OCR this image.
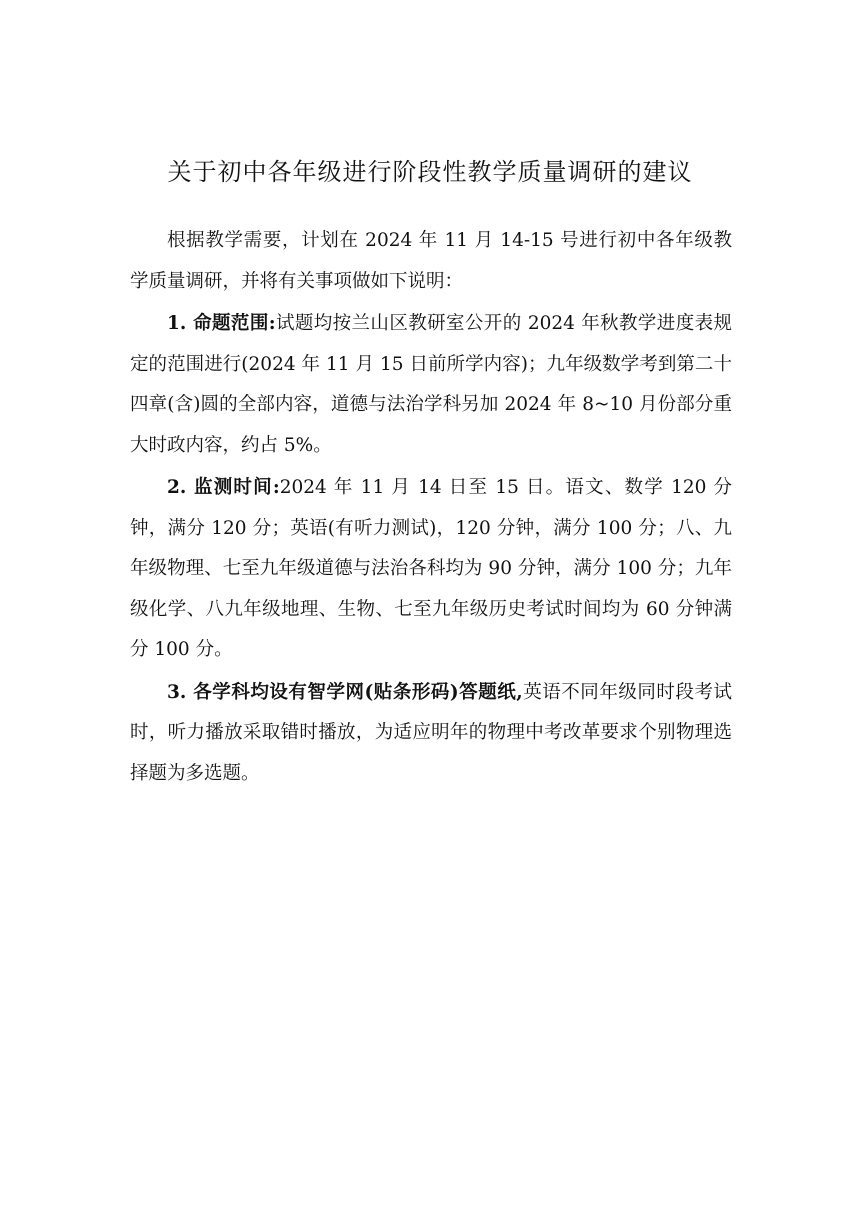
关于初中各年级进行阶段性教学质量调研的建议

根据教学需要，计划在 2024 年 11 月 14-15 号进行初中各年级教学质量调研，并将有关事项做如下说明：

1. 命题范围:试题均按兰山区教研室公开的 2024 年秋教学进度表规定的范围进行(2024 年 11 月 15 日前所学内容)；九年级数学考到第二十四章(含)圆的全部内容，道德与法治学科另加 2024 年 8~10 月份部分重大时政内容，约占 5%。

2. 监测时间:2024 年 11 月 14 日至 15 日。语文、数学 120 分钟，满分 120 分；英语(有听力测试)，120 分钟，满分 100 分；八、九年级物理、七至九年级道德与法治各科均为 90 分钟，满分 100 分；九年级化学、八九年级地理、生物、七至九年级历史考试时间均为 60 分钟满分 100 分。

3. 各学科均设有智学网(贴条形码)答题纸,英语不同年级同时段考试时，听力播放采取错时播放，为适应明年的物理中考改革要求个别物理选择题为多选题。
